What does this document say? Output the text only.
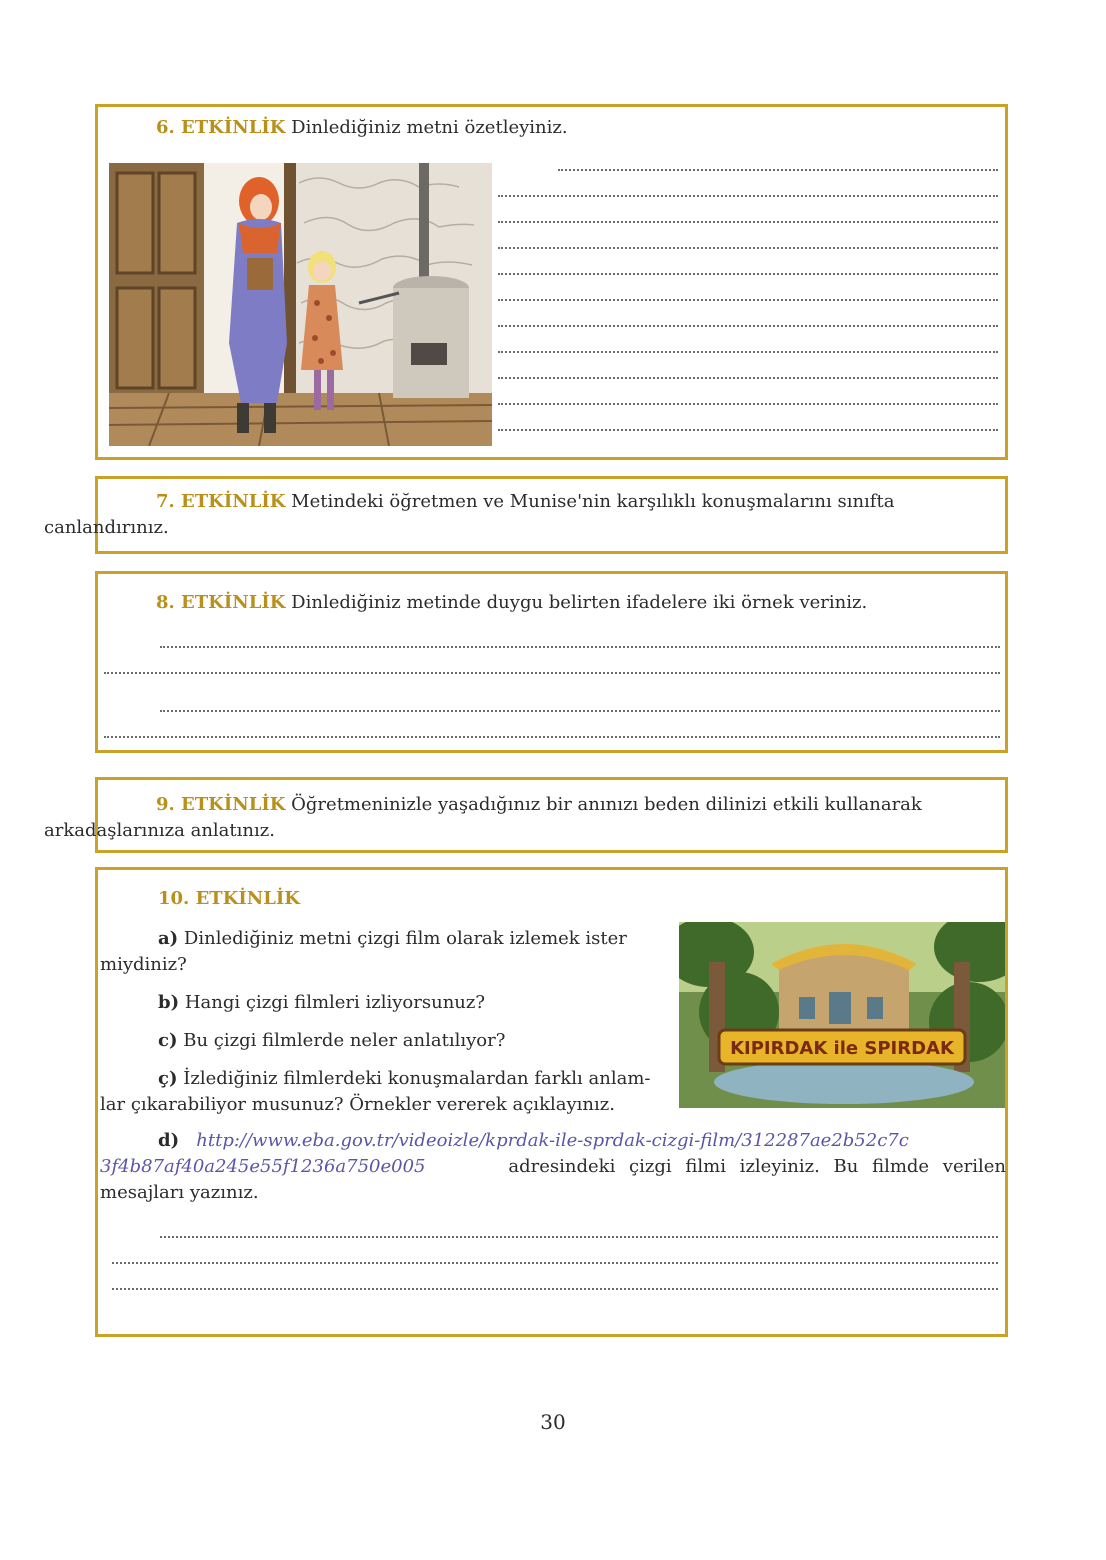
6. ETKİNLİK Dinlediğiniz metni özetleyiniz.
7. ETKİNLİK Metindeki öğretmen ve Munise'nin karşılıklı konuşmalarını sınıfta
canlandırınız.
8. ETKİNLİK Dinlediğiniz metinde duygu belirten ifadelere iki örnek veriniz.
9. ETKİNLİK Öğretmeninizle yaşadığınız bir anınızı beden dilinizi etkili kullanarak
arkadaşlarınıza anlatınız.
10. ETKİNLİK
a) Dinlediğiniz metni çizgi film olarak izlemek ister
miydiniz?
b) Hangi çizgi filmleri izliyorsunuz?
c) Bu çizgi filmlerde neler anlatılıyor?
ç) İzlediğiniz filmlerdeki konuşmalardan farklı anlam-
lar çıkarabiliyor musunuz? Örnekler vererek açıklayınız.
KIPIRDAK ile SPIRDAK
d) http://www.eba.gov.tr/videoizle/kprdak-ile-sprdak-cizgi-film/312287ae2b52c7c
3f4b87af40a245e55f1236a750e005	adresindeki çizgi filmi izleyiniz. Bu filmde verilen
mesajları yazınız.
30
